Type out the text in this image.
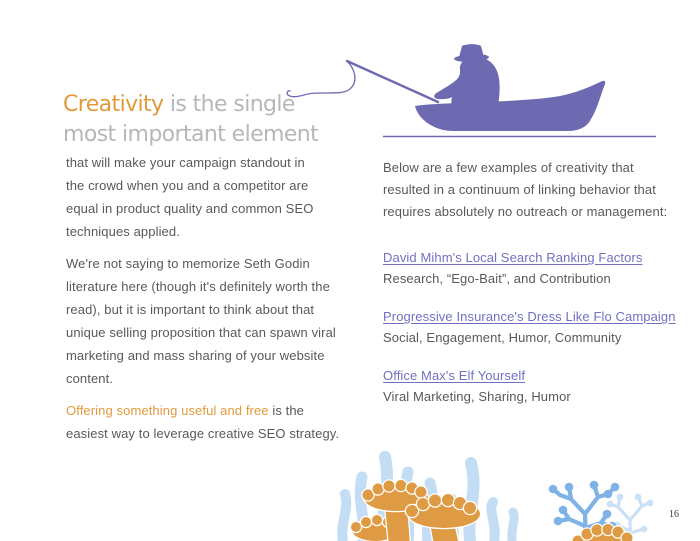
Creativity is the single
most important element

that will make your campaign standout in
the crowd when you and a competitor are
equal in product quality and common SEO
techniques applied.

We're not saying to memorize Seth Godin
literature here (though it's definitely worth the
read), but it is important to think about that
unique selling proposition that can spawn viral
marketing and mass sharing of your website
content.

Offering something useful and free is the
easiest way to leverage creative SEO strategy.

Below are a few examples of creativity that
resulted in a continuum of linking behavior that
requires absolutely no outreach or management:

David Mihm's Local Search Ranking Factors
Research, “Ego-Bait”, and Contribution
Progressive Insurance's Dress Like Flo Campaign
Social, Engagement, Humor, Community
Office Max's Elf Yourself
Viral Marketing, Sharing, Humor
16
